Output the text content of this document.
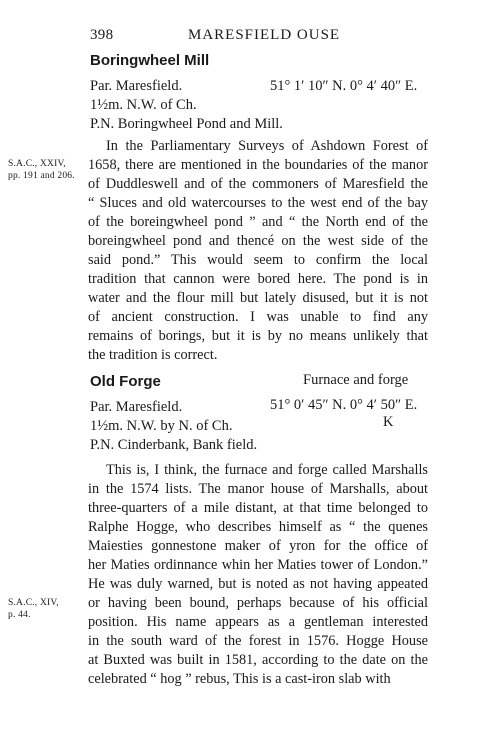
398	MARESFIELD OUSE
Boringwheel Mill
Par. Maresfield.	51° 1′ 10″ N. 0° 4′ 40″ E.
1½m. N.W. of Ch.
P.N. Boringwheel Pond and Mill.
S.A.C., XXIV,
pp. 191 and 206.
In the Parliamentary Surveys of Ashdown Forest of
1658, there are mentioned in the boundaries of the manor
of Duddleswell and of the commoners of Maresfield the
“ Sluces and old watercourses to the west end of the bay
of the boreingwheel pond ” and “ the North end of the
boreingwheel pond and thencé on the west side of the
said pond.” This would seem to confirm the local
tradition that cannon were bored here. The pond is in
water and the flour mill but lately disused, but it is not
of ancient construction. I was unable to find any
remains of borings, but it is by no means unlikely that
the tradition is correct.
Old Forge	Furnace and forge
Par. Maresfield.	51° 0′ 45″ N. 0° 4′ 50″ E.
1½m. N.W. by N. of Ch.	K
P.N. Cinderbank, Bank field.
S.A.C., XIV,
p. 44.
This is, I think, the furnace and forge called Marshalls
in the 1574 lists. The manor house of Marshalls, about
three-quarters of a mile distant, at that time belonged to
Ralphe Hogge, who describes himself as “ the quenes
Maiesties gonnestone maker of yron for the office of
her Maties ordinnance whin her Maties tower of London.”
He was duly warned, but is noted as not having appeated
or having been bound, perhaps because of his official
position. His name appears as a gentleman interested
in the south ward of the forest in 1576. Hogge House
at Buxted was built in 1581, according to the date on the
celebrated “ hog ” rebus, This is a cast-iron slab with
